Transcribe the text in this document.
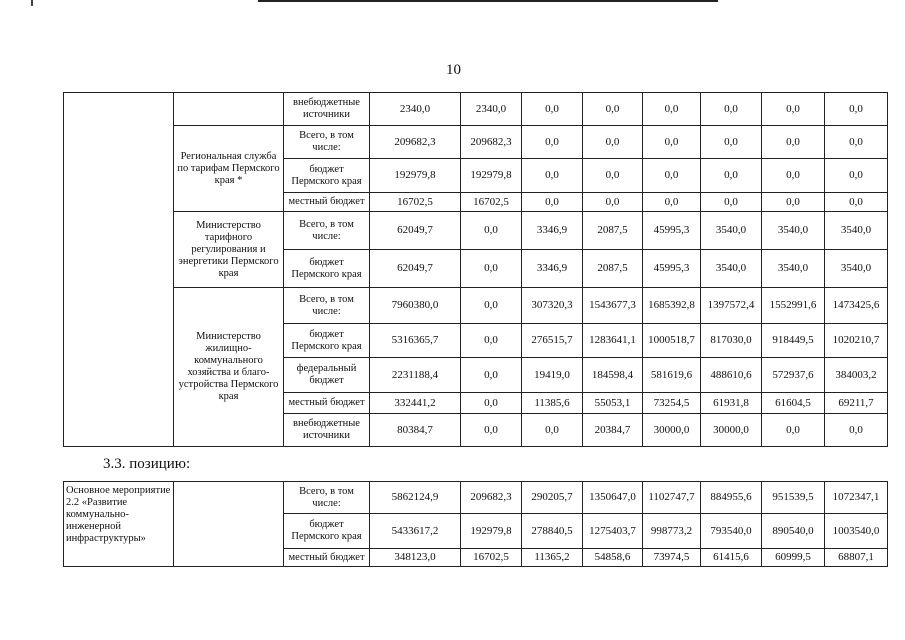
10
		внебюджетные источники	2340,0	2340,0	0,0	0,0	0,0	0,0	0,0	0,0
	Региональная служба по тарифам Пермского края *	Всего, в том числе:	209682,3	209682,3	0,0	0,0	0,0	0,0	0,0	0,0
		бюджет Пермского края	192979,8	192979,8	0,0	0,0	0,0	0,0	0,0	0,0
		местный бюджет	16702,5	16702,5	0,0	0,0	0,0	0,0	0,0	0,0
	Министерство тарифного регулирования и энергетики Пермского края	Всего, в том числе:	62049,7	0,0	3346,9	2087,5	45995,3	3540,0	3540,0	3540,0
		бюджет Пермского края	62049,7	0,0	3346,9	2087,5	45995,3	3540,0	3540,0	3540,0
	Министерство жилищно-коммунального хозяйства и благо-устройства Пермского края	Всего, в том числе:	7960380,0	0,0	307320,3	1543677,3	1685392,8	1397572,4	1552991,6	1473425,6
		бюджет Пермского края	5316365,7	0,0	276515,7	1283641,1	1000518,7	817030,0	918449,5	1020210,7
		федеральный бюджет	2231188,4	0,0	19419,0	184598,4	581619,6	488610,6	572937,6	384003,2
		местный бюджет	332441,2	0,0	11385,6	55053,1	73254,5	61931,8	61604,5	69211,7
		внебюджетные источники	80384,7	0,0	0,0	20384,7	30000,0	30000,0	0,0	0,0
3.3. позицию:
Основное мероприятие 2.2 «Развитие коммунально-инженерной инфраструктуры»		Всего, в том числе:	5862124,9	209682,3	290205,7	1350647,0	1102747,7	884955,6	951539,5	1072347,1
		бюджет Пермского края	5433617,2	192979,8	278840,5	1275403,7	998773,2	793540,0	890540,0	1003540,0
		местный бюджет	348123,0	16702,5	11365,2	54858,6	73974,5	61415,6	60999,5	68807,1
